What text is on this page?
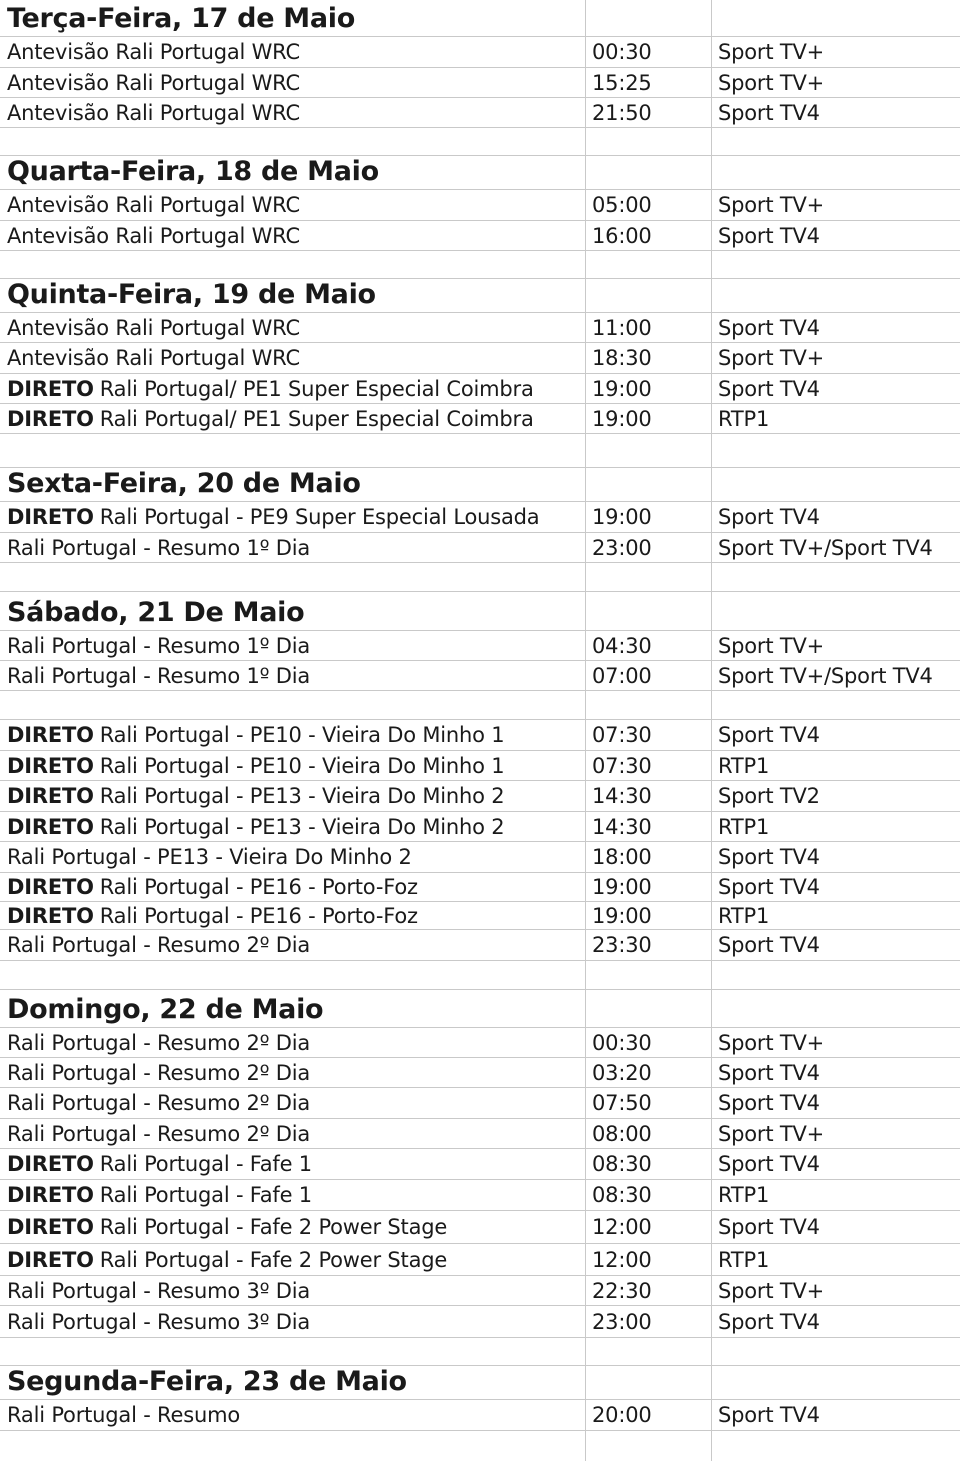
Terça-Feira, 17 de Maio
Antevisão Rali Portugal WRC	00:30	Sport TV+
Antevisão Rali Portugal WRC	15:25	Sport TV+
Antevisão Rali Portugal WRC	21:50	Sport TV4
Quarta-Feira, 18 de Maio
Antevisão Rali Portugal WRC	05:00	Sport TV+
Antevisão Rali Portugal WRC	16:00	Sport TV4
Quinta-Feira, 19 de Maio
Antevisão Rali Portugal WRC	11:00	Sport TV4
Antevisão Rali Portugal WRC	18:30	Sport TV+
DIRETO Rali Portugal/ PE1 Super Especial Coimbra	19:00	Sport TV4
DIRETO Rali Portugal/ PE1 Super Especial Coimbra	19:00	RTP1
Sexta-Feira, 20 de Maio
DIRETO Rali Portugal - PE9 Super Especial Lousada	19:00	Sport TV4
Rali Portugal - Resumo 1º Dia	23:00	Sport TV+/Sport TV4
Sábado, 21 De Maio
Rali Portugal - Resumo 1º Dia	04:30	Sport TV+
Rali Portugal - Resumo 1º Dia	07:00	Sport TV+/Sport TV4
DIRETO Rali Portugal - PE10 - Vieira Do Minho 1	07:30	Sport TV4
DIRETO Rali Portugal - PE10 - Vieira Do Minho 1	07:30	RTP1
DIRETO Rali Portugal - PE13 - Vieira Do Minho 2	14:30	Sport TV2
DIRETO Rali Portugal - PE13 - Vieira Do Minho 2	14:30	RTP1
Rali Portugal - PE13 - Vieira Do Minho 2	18:00	Sport TV4
DIRETO Rali Portugal - PE16 - Porto-Foz	19:00	Sport TV4
DIRETO Rali Portugal - PE16 - Porto-Foz	19:00	RTP1
Rali Portugal - Resumo 2º Dia	23:30	Sport TV4
Domingo, 22 de Maio
Rali Portugal - Resumo 2º Dia	00:30	Sport TV+
Rali Portugal - Resumo 2º Dia	03:20	Sport TV4
Rali Portugal - Resumo 2º Dia	07:50	Sport TV4
Rali Portugal - Resumo 2º Dia	08:00	Sport TV+
DIRETO Rali Portugal - Fafe 1	08:30	Sport TV4
DIRETO Rali Portugal - Fafe 1	08:30	RTP1
DIRETO Rali Portugal - Fafe 2 Power Stage	12:00	Sport TV4
DIRETO Rali Portugal - Fafe 2 Power Stage	12:00	RTP1
Rali Portugal - Resumo 3º Dia	22:30	Sport TV+
Rali Portugal - Resumo 3º Dia	23:00	Sport TV4
Segunda-Feira, 23 de Maio
Rali Portugal - Resumo	20:00	Sport TV4
